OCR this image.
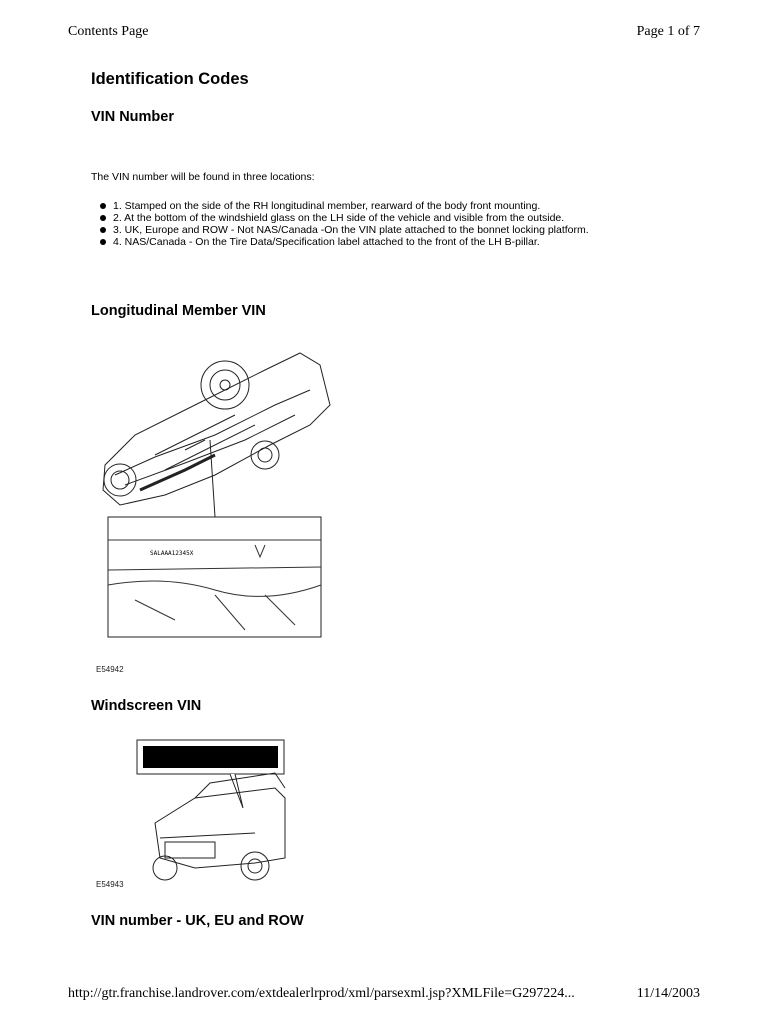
Contents Page	Page 1 of 7
Identification Codes
VIN Number
The VIN number will be found in three locations:
1. Stamped on the side of the RH longitudinal member, rearward of the body front mounting.
2. At the bottom of the windshield glass on the LH side of the vehicle and visible from the outside.
3. UK, Europe and ROW - Not NAS/Canada -On the VIN plate attached to the bonnet locking platform.
4. NAS/Canada - On the Tire Data/Specification label attached to the front of the LH B-pillar.
Longitudinal Member VIN
SALAAA12345X
E54942
Windscreen VIN
E54943
VIN number - UK, EU and ROW
http://gtr.franchise.landrover.com/extdealerlrprod/xml/parsexml.jsp?XMLFile=G297224...	11/14/2003
